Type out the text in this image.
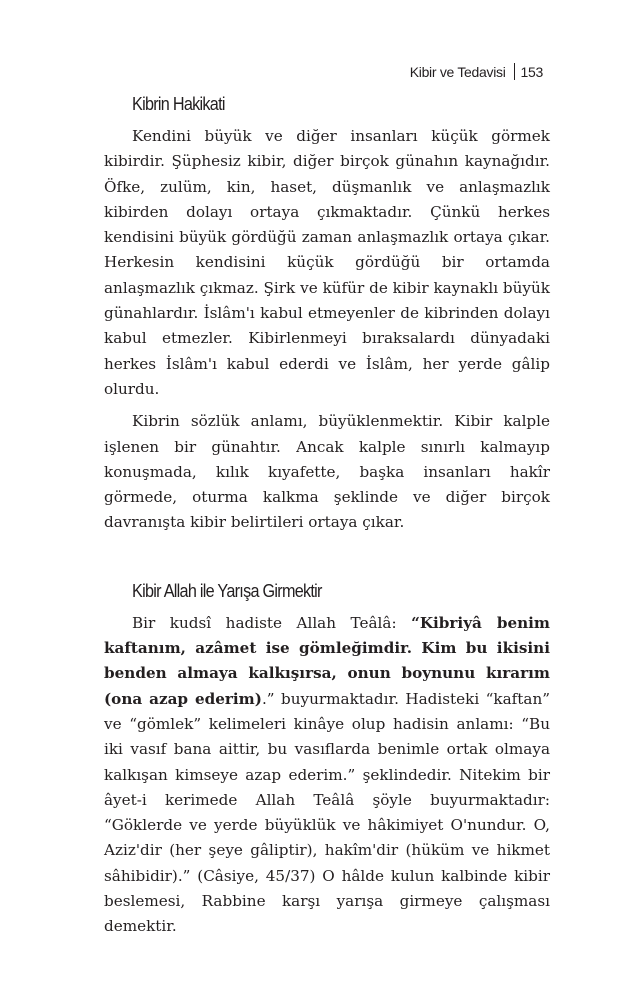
Kibir ve Tedavisi 153
Kibrin Hakikati

Kendini büyük ve diğer insanları küçük görmek kibirdir. Şüphesiz kibir, diğer birçok günahın kaynağıdır. Öfke, zulüm, kin, haset, düşmanlık ve anlaşmazlık kibirden dolayı ortaya çıkmaktadır. Çünkü herkes kendisini büyük gördüğü zaman anlaşmazlık ortaya çıkar. Herkesin kendisini küçük gördüğü bir ortamda anlaşmazlık çıkmaz. Şirk ve küfür de kibir kaynaklı büyük günahlardır. İslâm'ı kabul etmeyenler de kibrinden dolayı kabul etmezler. Kibirlenmeyi bıraksalardı dünyadaki herkes İslâm'ı kabul ederdi ve İslâm, her yerde gâlip olurdu.

Kibrin sözlük anlamı, büyüklenmektir. Kibir kalple işlenen bir günahtır. Ancak kalple sınırlı kalmayıp konuşmada, kılık kıyafette, başka insanları hakîr görmede, oturma kalkma şeklinde ve diğer birçok davranışta kibir belirtileri ortaya çıkar.

Kibir Allah ile Yarışa Girmektir

Bir kudsî hadiste Allah Teâlâ: “Kibriyâ benim kaftanım, azâmet ise gömleğimdir. Kim bu ikisini benden almaya kalkışırsa, onun boynunu kırarım (ona azap ederim).” buyurmaktadır. Hadisteki “kaftan” ve “gömlek” kelimeleri kinâye olup hadisin anlamı: “Bu iki vasıf bana aittir, bu vasıflarda benimle ortak olmaya kalkışan kimseye azap ederim.” şeklindedir. Nitekim bir âyet-i kerimede Allah Teâlâ şöyle buyurmaktadır: “Göklerde ve yerde büyüklük ve hâkimiyet O'nundur. O, Aziz'dir (her şeye gâliptir), hakîm'dir (hüküm ve hikmet sâhibidir).” (Câsiye, 45/37) O hâlde kulun kalbinde kibir beslemesi, Rabbine karşı yarışa girmeye çalışması demektir.
